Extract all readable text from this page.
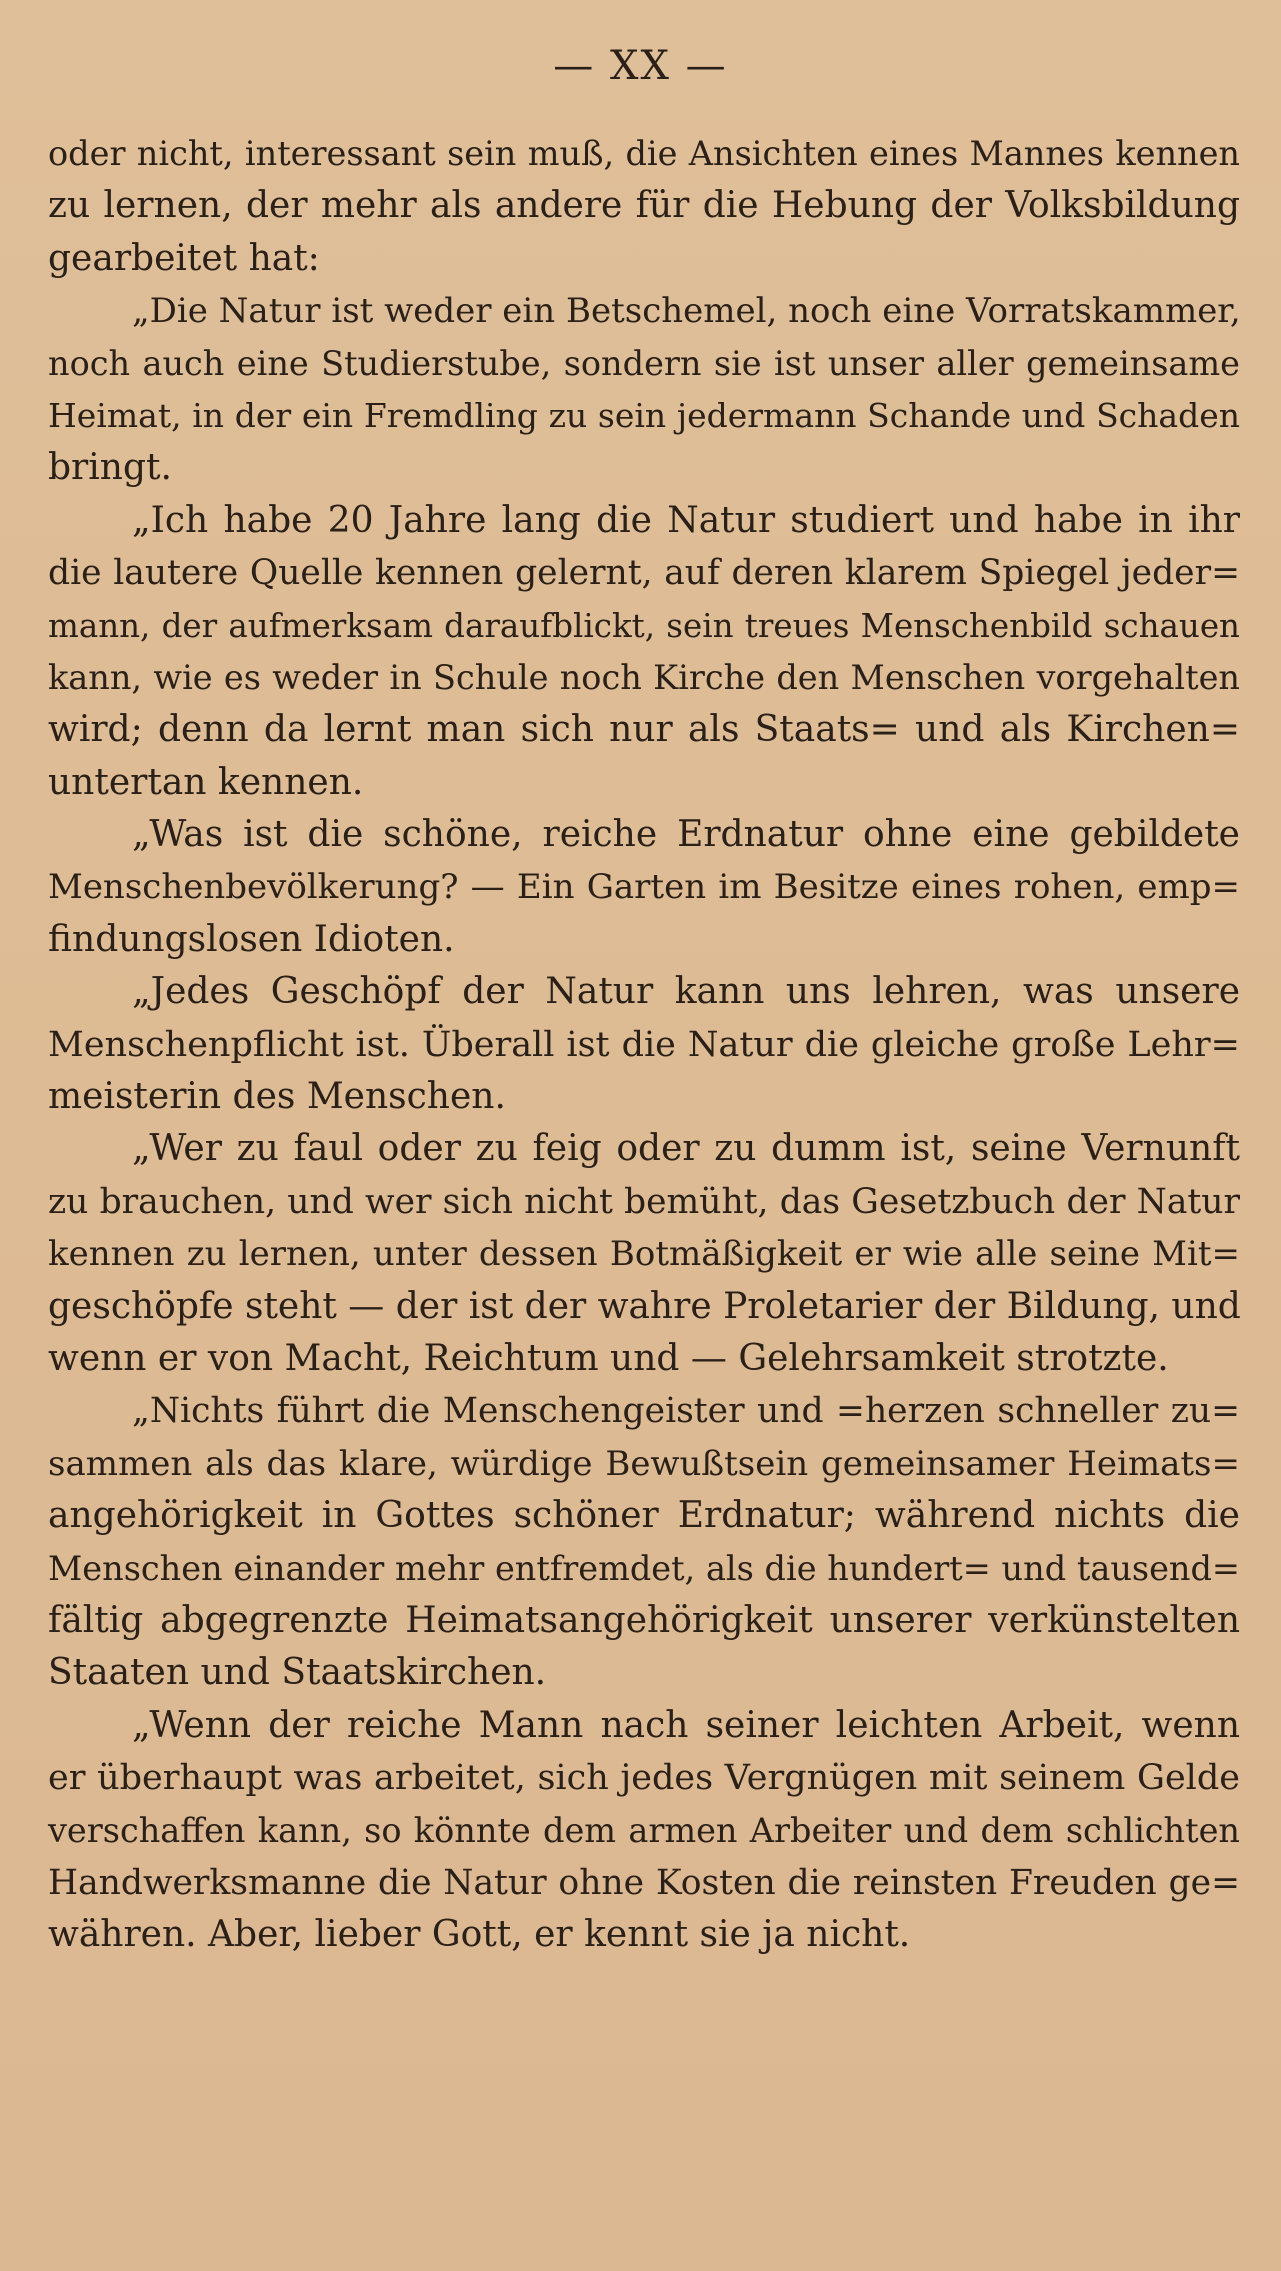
— XX —
oder nicht, interessant sein muß, die Ansichten eines Mannes kennen
zu lernen, der mehr als andere für die Hebung der Volksbildung
gearbeitet hat:
„Die Natur ist weder ein Betschemel, noch eine Vorratskammer,
noch auch eine Studierstube, sondern sie ist unser aller gemeinsame
Heimat, in der ein Fremdling zu sein jedermann Schande und Schaden
bringt.
„Ich habe 20 Jahre lang die Natur studiert und habe in ihr
die lautere Quelle kennen gelernt, auf deren klarem Spiegel jeder=
mann, der aufmerksam daraufblickt, sein treues Menschenbild schauen
kann, wie es weder in Schule noch Kirche den Menschen vorgehalten
wird; denn da lernt man sich nur als Staats= und als Kirchen=
untertan kennen.
„Was ist die schöne, reiche Erdnatur ohne eine gebildete
Menschenbevölkerung? — Ein Garten im Besitze eines rohen, emp=
findungslosen Idioten.
„Jedes Geschöpf der Natur kann uns lehren, was unsere
Menschenpflicht ist. Überall ist die Natur die gleiche große Lehr=
meisterin des Menschen.
„Wer zu faul oder zu feig oder zu dumm ist, seine Vernunft
zu brauchen, und wer sich nicht bemüht, das Gesetzbuch der Natur
kennen zu lernen, unter dessen Botmäßigkeit er wie alle seine Mit=
geschöpfe steht — der ist der wahre Proletarier der Bildung, und
wenn er von Macht, Reichtum und — Gelehrsamkeit strotzte.
„Nichts führt die Menschengeister und =herzen schneller zu=
sammen als das klare, würdige Bewußtsein gemeinsamer Heimats=
angehörigkeit in Gottes schöner Erdnatur; während nichts die
Menschen einander mehr entfremdet, als die hundert= und tausend=
fältig abgegrenzte Heimatsangehörigkeit unserer verkünstelten
Staaten und Staatskirchen.
„Wenn der reiche Mann nach seiner leichten Arbeit, wenn
er überhaupt was arbeitet, sich jedes Vergnügen mit seinem Gelde
verschaffen kann, so könnte dem armen Arbeiter und dem schlichten
Handwerksmanne die Natur ohne Kosten die reinsten Freuden ge=
währen. Aber, lieber Gott, er kennt sie ja nicht.
